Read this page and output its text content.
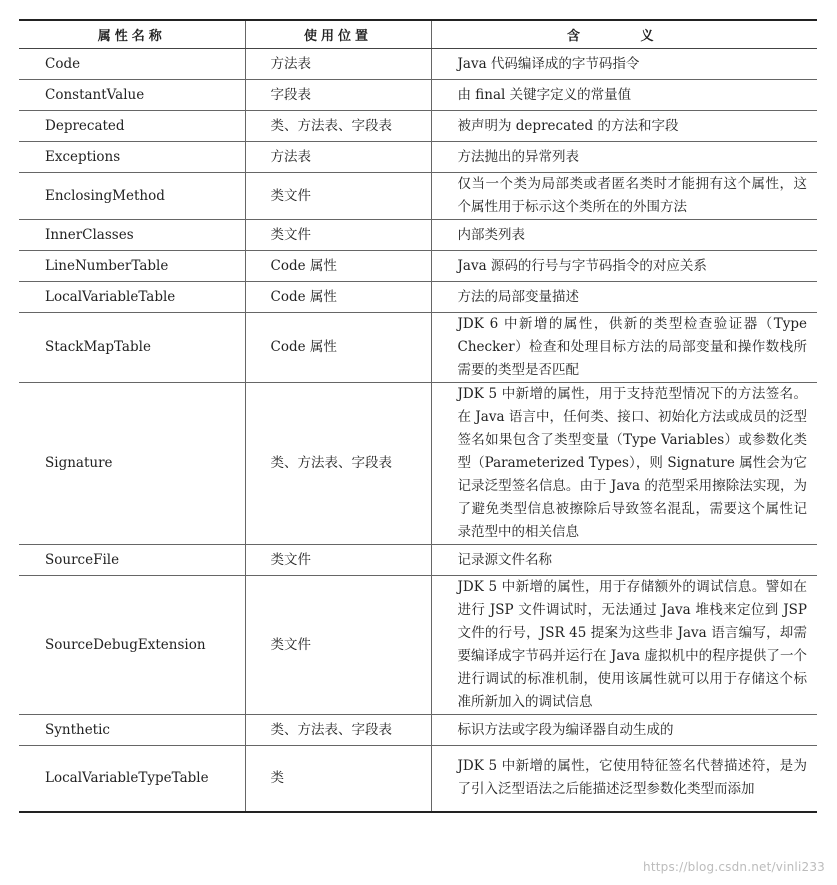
属性名称	使用位置	含 义
Code	方法表	Java 代码编译成的字节码指令
ConstantValue	字段表	由 final 关键字定义的常量值
Deprecated	类、方法表、字段表	被声明为 deprecated 的方法和字段
Exceptions	方法表	方法抛出的异常列表
EnclosingMethod	类文件	仅当一个类为局部类或者匿名类时才能拥有这个属性，这个属性用于标示这个类所在的外围方法
InnerClasses	类文件	内部类列表
LineNumberTable	Code 属性	Java 源码的行号与字节码指令的对应关系
LocalVariableTable	Code 属性	方法的局部变量描述
StackMapTable	Code 属性	JDK 6 中新增的属性，供新的类型检查验证器（Type Checker）检查和处理目标方法的局部变量和操作数栈所需要的类型是否匹配
Signature	类、方法表、字段表	JDK 5 中新增的属性，用于支持范型情况下的方法签名。在 Java 语言中，任何类、接口、初始化方法或成员的泛型签名如果包含了类型变量（Type Variables）或参数化类型（Parameterized Types），则 Signature 属性会为它记录泛型签名信息。由于 Java 的范型采用擦除法实现，为了避免类型信息被擦除后导致签名混乱，需要这个属性记录范型中的相关信息
SourceFile	类文件	记录源文件名称
SourceDebugExtension	类文件	JDK 5 中新增的属性，用于存储额外的调试信息。譬如在进行 JSP 文件调试时，无法通过 Java 堆栈来定位到 JSP 文件的行号，JSR 45 提案为这些非 Java 语言编写，却需要编译成字节码并运行在 Java 虚拟机中的程序提供了一个进行调试的标准机制，使用该属性就可以用于存储这个标准所新加入的调试信息
Synthetic	类、方法表、字段表	标识方法或字段为编译器自动生成的
LocalVariableTypeTable	类	JDK 5 中新增的属性，它使用特征签名代替描述符，是为了引入泛型语法之后能描述泛型参数化类型而添加
https://blog.csdn.net/vinli233
